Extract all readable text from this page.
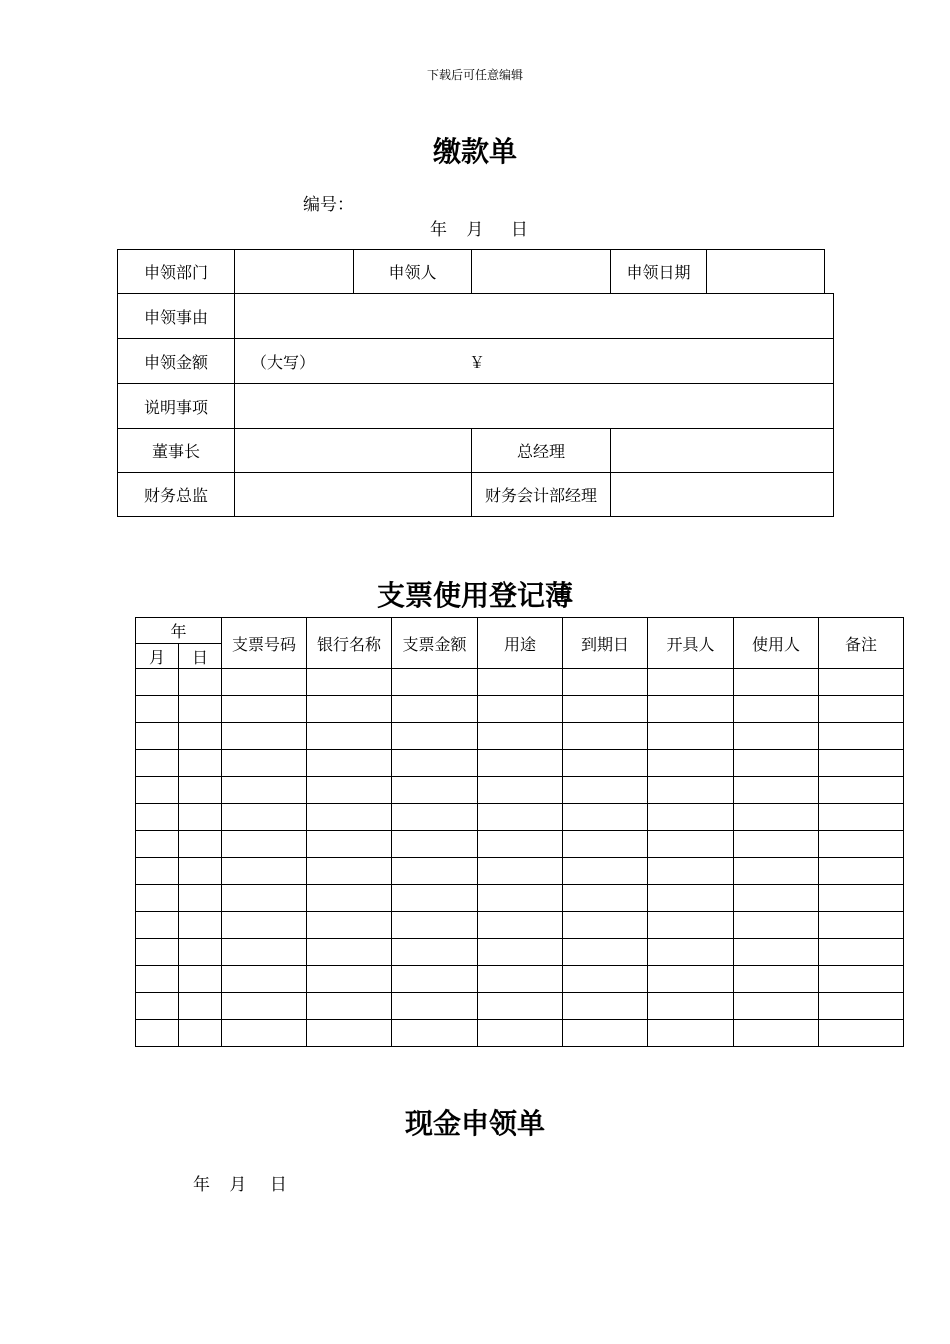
下载后可任意编辑
缴款单
编号：
年 月 日
申领部门	申领人	申领日期
申领事由
申领金额	（大写）	￥
说明事项
董事长	总经理
财务总监	财务会计部经理
支票使用登记薄
年		支票号码	银行名称	支票金额	用途	到期日	开具人	使用人	备注
月	日								

现金申领单
年 月 日
